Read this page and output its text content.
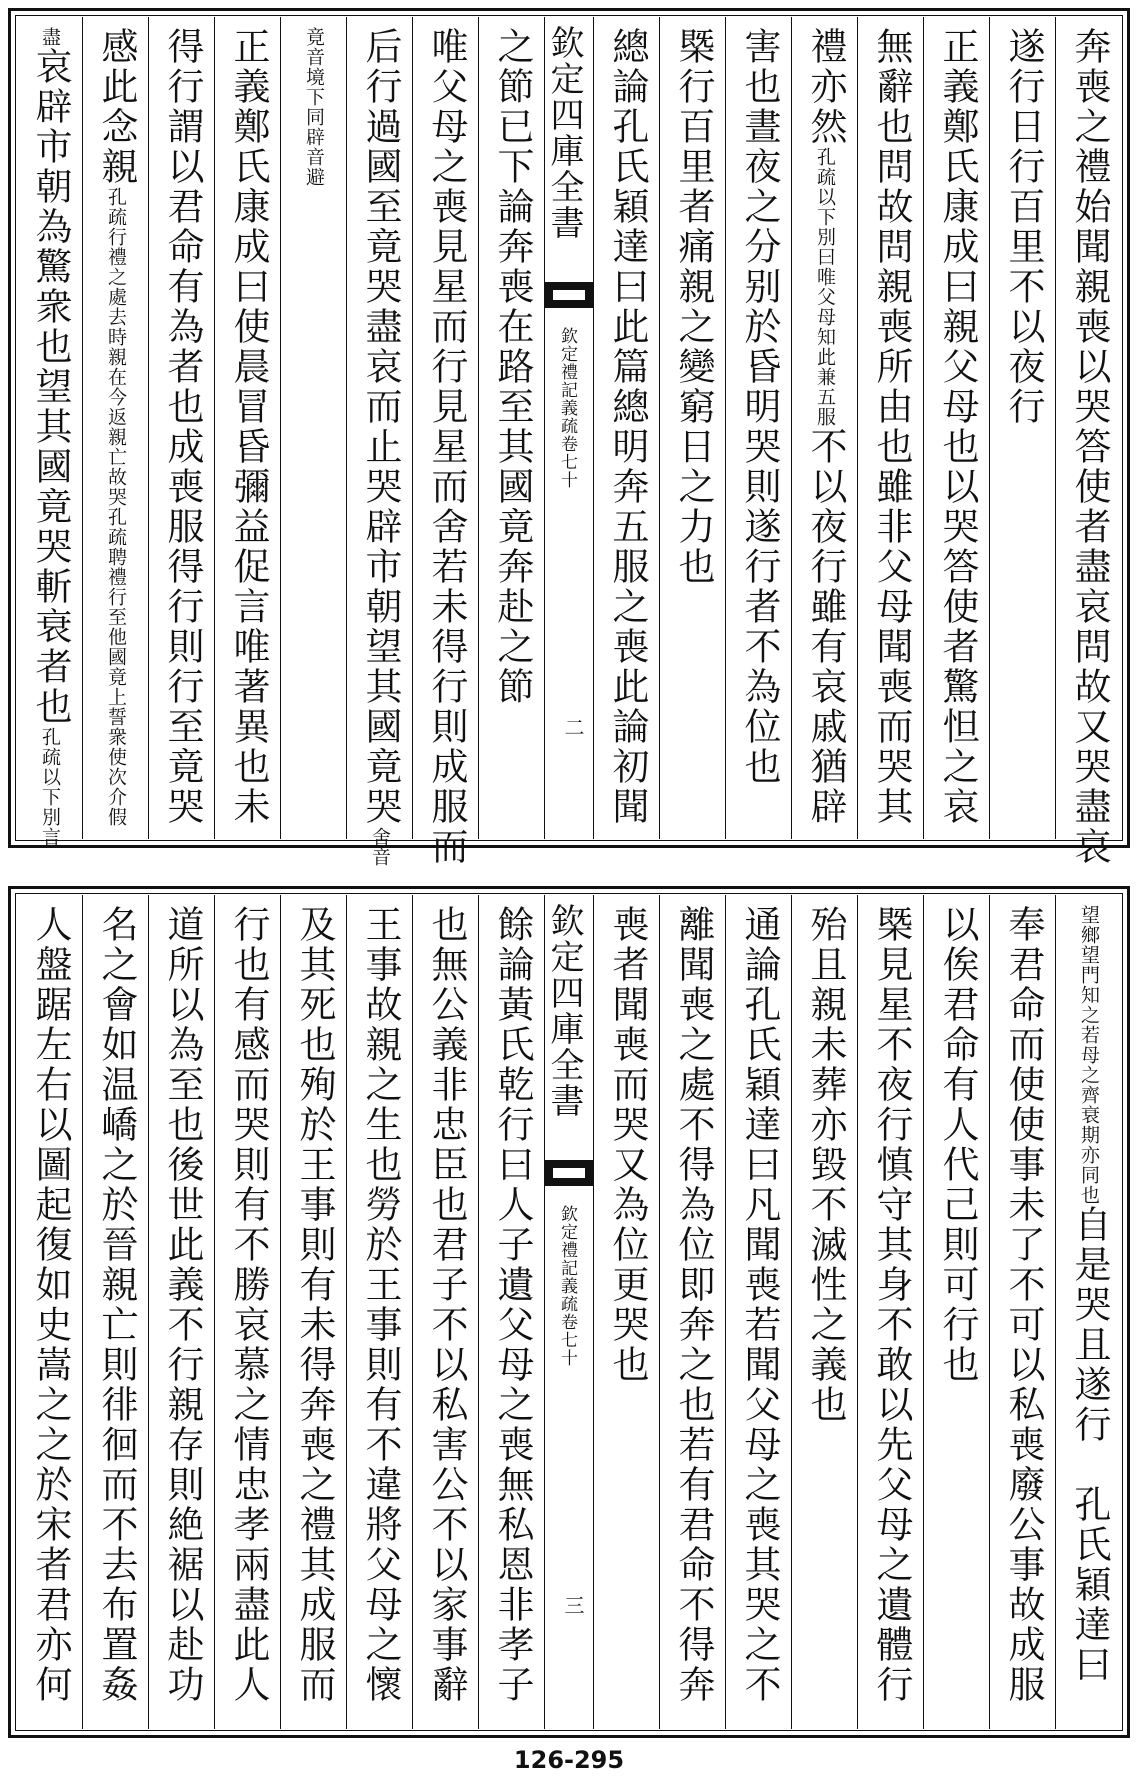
奔喪之禮始聞親喪以哭答使者盡哀問故又哭盡哀
遂行日行百里不以夜行
正義鄭氏康成曰親父母也以哭答使者驚怛之哀
無辭也問故問親喪所由也雖非父母聞喪而哭其
禮亦然孔疏以下別曰唯父母知此兼五服不以夜行雖有哀戚猶辟
害也晝夜之分别於昏明哭則遂行者不為位也
槩行百里者痛親之變窮日之力也
總論孔氏穎達曰此篇總明奔五服之喪此論初聞
欽定四庫全書
欽定禮記義疏卷七十
二
之節已下論奔喪在路至其國竟奔赴之節
唯父母之喪見星而行見星而舍若未得行則成服而
后行過國至竟哭盡哀而止哭辟市朝望其國竟哭舍音
竟音境下同辟音避
正義鄭氏康成曰使晨冒昏彌益促言唯著異也未
得行謂以君命有為者也成喪服得行則行至竟哭
感此念親孔疏行禮之處去時親在今返親亡故哭孔疏聘禮行至他國竟上誓衆使次介假
盡哀辟市朝為驚衆也望其國竟哭斬衰者也孔疏以下別言
望鄉望門知之若母之齊衰期亦同也自是哭且遂行　孔氏穎達曰
奉君命而使使事未了不可以私喪廢公事故成服
以俟君命有人代己則可行也
槩見星不夜行慎守其身不敢以先父母之遺體行
殆且親未葬亦毀不滅性之義也
通論孔氏穎達曰凡聞喪若聞父母之喪其哭之不
離聞喪之處不得為位即奔之也若有君命不得奔
喪者聞喪而哭又為位更哭也
欽定四庫全書
欽定禮記義疏卷七十
三
餘論黃氏乾行曰人子遺父母之喪無私恩非孝子
也無公義非忠臣也君子不以私害公不以家事辭
王事故親之生也勞於王事則有不違將父母之懷
及其死也殉於王事則有未得奔喪之禮其成服而
行也有感而哭則有不勝哀慕之情忠孝兩盡此人
道所以為至也後世此義不行親存則絶裾以赴功
名之會如温嶠之於晉親亡則徘徊而不去布置姦
人盤踞左右以圖起復如史嵩之之於宋者君亦何
126-295
